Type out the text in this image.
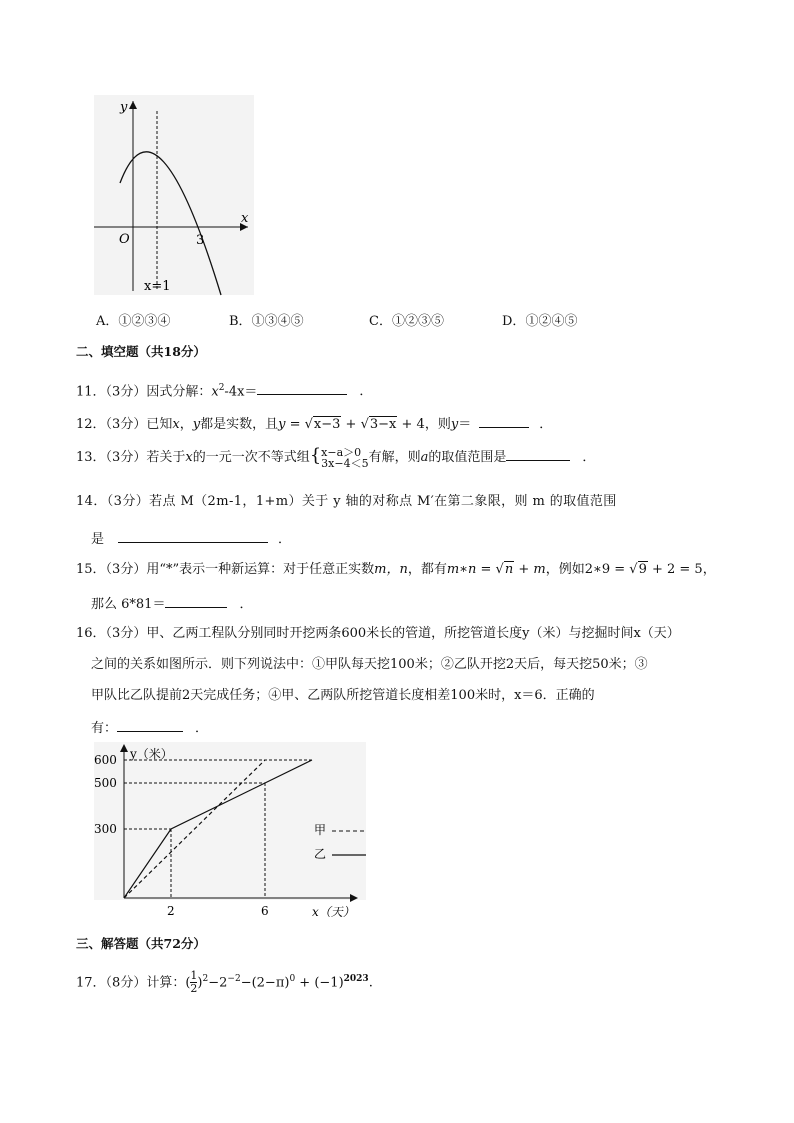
y
x
O	3
x=1
A．①②③④	B．①③④⑤	C．①②③⑤	D．①②④⑤
二、填空题（共18分）
11．（3分）因式分解：$x^2-4x=$	．
12．（3分）已知x，y都是实数，且y = √x−3 + √3−x + 4，则y＝	．
13．（3分）若关于x的一元一次不等式组{ x−a＞0
3x−4＜5 有解，则a的取值范围是	．
14．（3分）若点 M（2m-1，1+m）关于 y 轴的对称点 M′在第二象限，则 m 的取值范围
是	．
15．（3分）用“*”表示一种新运算：对于任意正实数m，n，都有m∗n = √n + m，例如2∗9 = √9 + 2 = 5，
那么 6*81＝	．
16．（3分）甲、乙两工程队分别同时开挖两条600米长的管道，所挖管道长度y（米）与挖掘时间x（天）
之间的关系如图所示．则下列说法中：①甲队每天挖100米；②乙队开挖2天后，每天挖50米；③
甲队比乙队提前2天完成任务；④甲、乙两队所挖管道长度相差100米时，x＝6．正确的
有：	．
y（米）
x（天）
300
500
600
2	6
甲
乙
三、解答题（共72分）
17．（8分）计算：( $\frac{1}{2} )^2-2^{-2}-(2-\pi)^0 + (-1)^{2023}$.
